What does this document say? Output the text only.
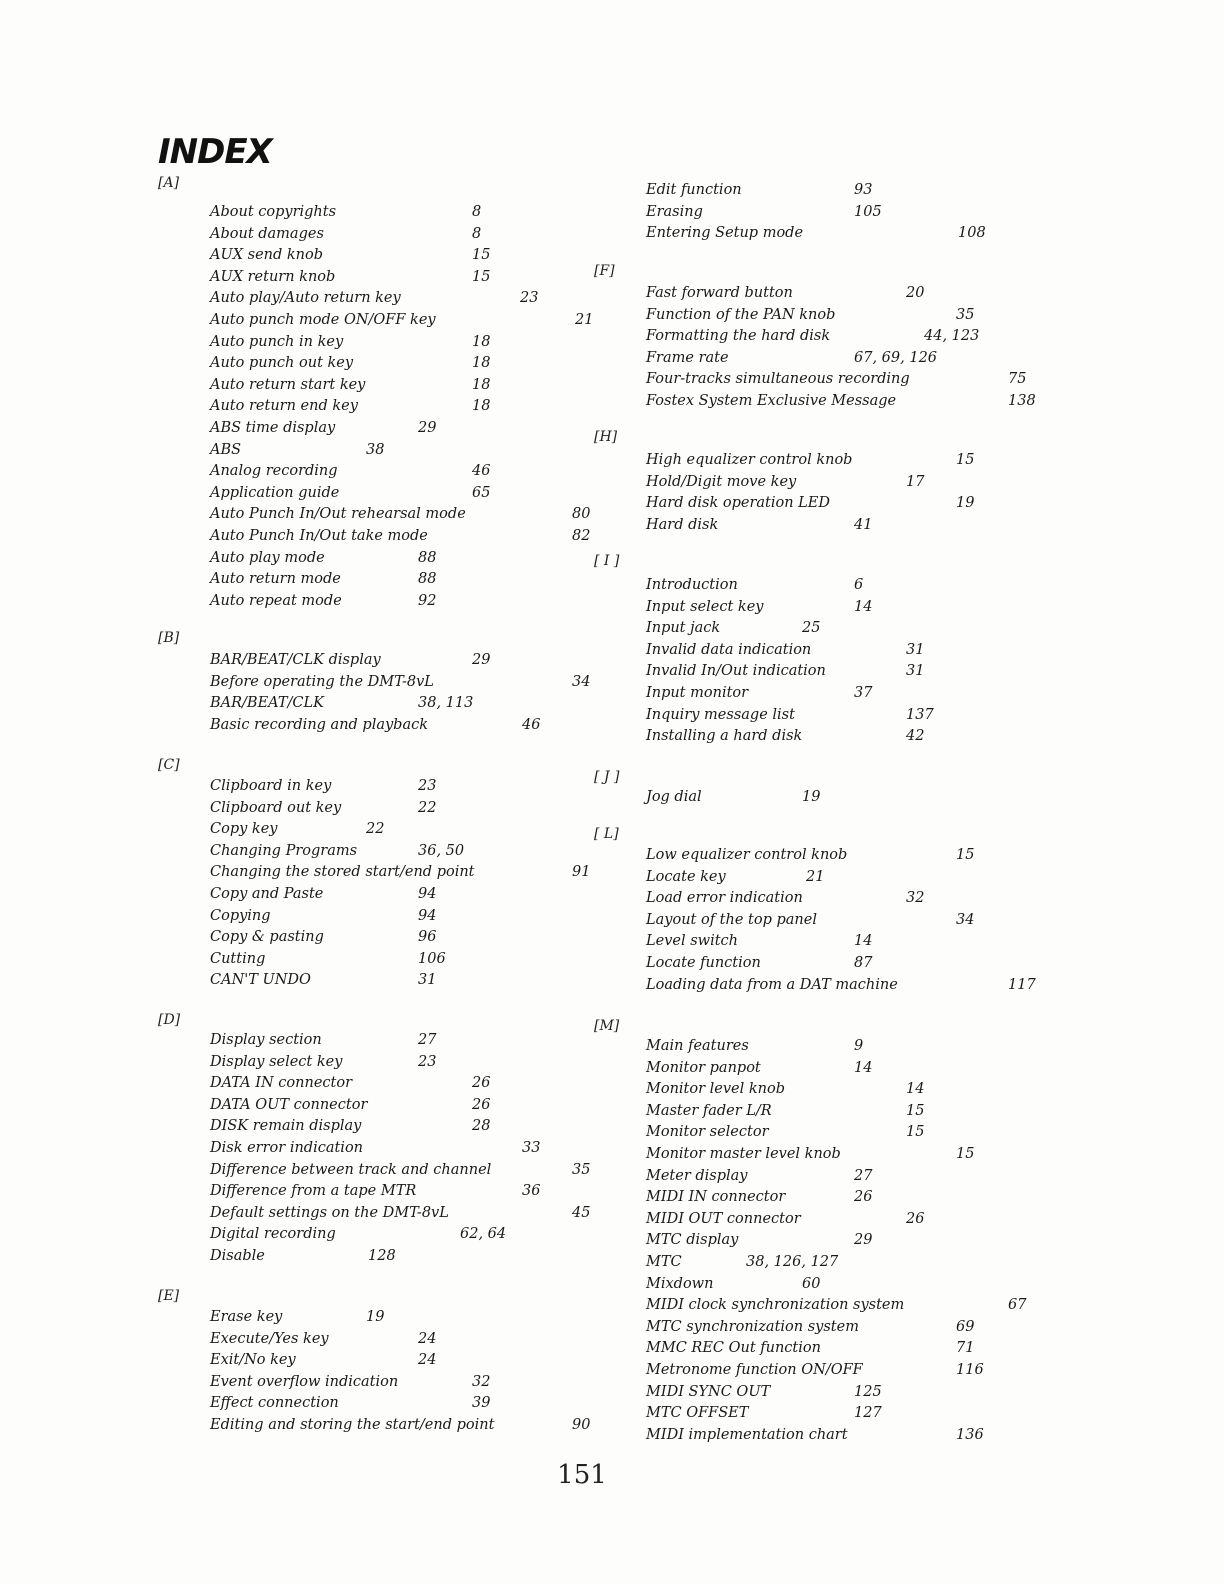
INDEX
[A]
About copyrights	8
About damages	8
AUX send knob	15
AUX return knob	15
Auto play/Auto return key	23
Auto punch mode ON/OFF key	21
Auto punch in key	18
Auto punch out key	18
Auto return start key	18
Auto return end key	18
ABS time display	29
ABS	38
Analog recording	46
Application guide	65
Auto Punch In/Out rehearsal mode	80
Auto Punch In/Out take mode	82
Auto play mode	88
Auto return mode	88
Auto repeat mode	92
[B]
BAR/BEAT/CLK display	29
Before operating the DMT-8vL	34
BAR/BEAT/CLK	38, 113
Basic recording and playback	46
[C]
Clipboard in key	23
Clipboard out key	22
Copy key	22
Changing Programs	36, 50
Changing the stored start/end point	91
Copy and Paste	94
Copying	94
Copy & pasting	96
Cutting	106
CAN'T UNDO	31
[D]
Display section	27
Display select key	23
DATA IN connector	26
DATA OUT connector	26
DISK remain display	28
Disk error indication	33
Difference between track and channel	35
Difference from a tape MTR	36
Default settings on the DMT-8vL	45
Digital recording	62, 64
Disable	128
[E]
Erase key	19
Execute/Yes key	24
Exit/No key	24
Event overflow indication	32
Effect connection	39
Editing and storing the start/end point	90
Edit function	93
Erasing	105
Entering Setup mode	108
[F]
Fast forward button	20
Function of the PAN knob	35
Formatting the hard disk	44, 123
Frame rate	67, 69, 126
Four-tracks simultaneous recording	75
Fostex System Exclusive Message	138
[H]
High equalizer control knob	15
Hold/Digit move key	17
Hard disk operation LED	19
Hard disk	41
[ I ]
Introduction	6
Input select key	14
Input jack	25
Invalid data indication	31
Invalid In/Out indication	31
Input monitor	37
Inquiry message list	137
Installing a hard disk	42
[ J ]
Jog dial	19
[ L]
Low equalizer control knob	15
Locate key	21
Load error indication	32
Layout of the top panel	34
Level switch	14
Locate function	87
Loading data from a DAT machine	117
[M]
Main features	9
Monitor panpot	14
Monitor level knob	14
Master fader L/R	15
Monitor selector	15
Monitor master level knob	15
Meter display	27
MIDI IN connector	26
MIDI OUT connector	26
MTC display	29
MTC	38, 126, 127
Mixdown	60
MIDI clock synchronization system	67
MTC synchronization system	69
MMC REC Out function	71
Metronome function ON/OFF	116
MIDI SYNC OUT	125
MTC OFFSET	127
MIDI implementation chart	136
151
